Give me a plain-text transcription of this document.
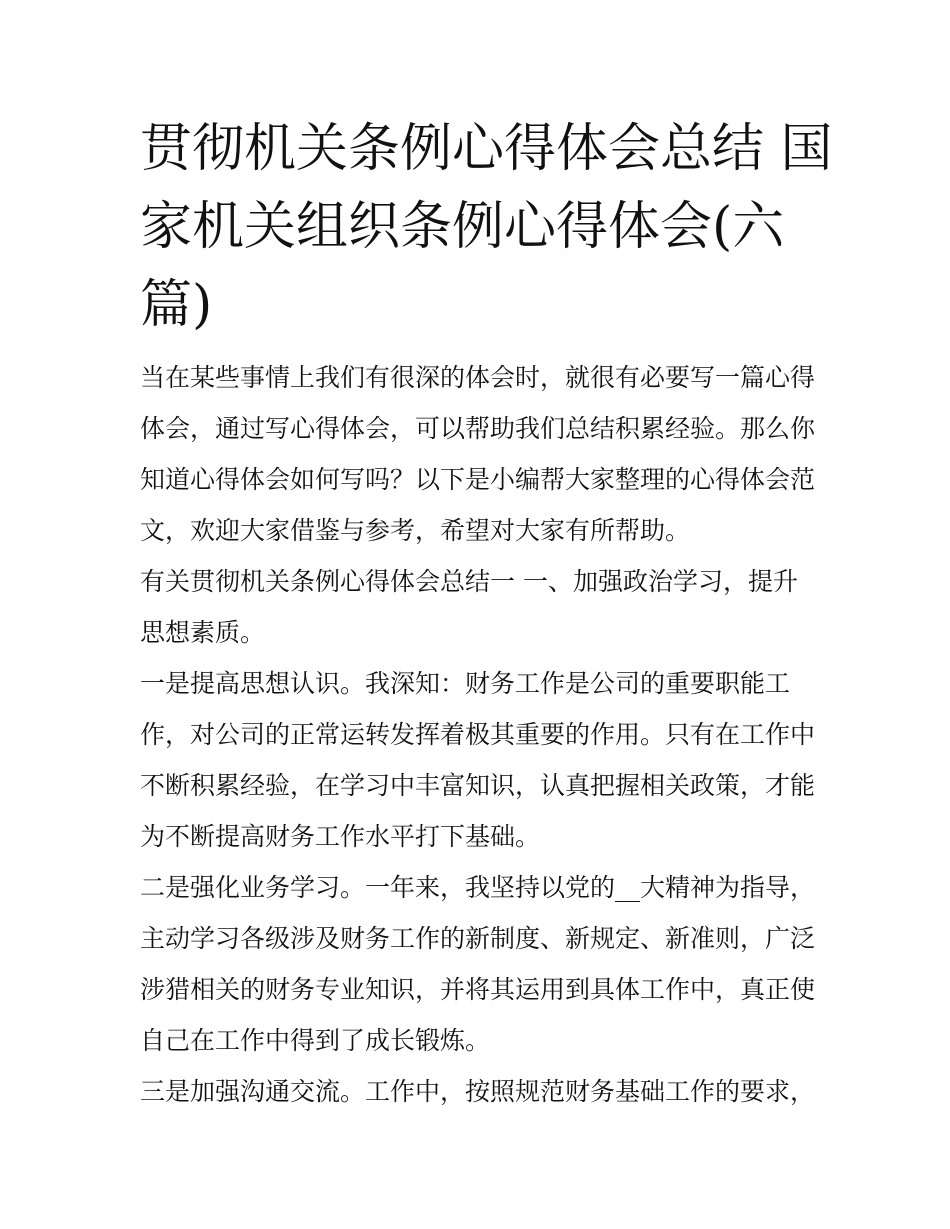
贯彻机关条例心得体会总结 国
家机关组织条例心得体会(六
篇)

当在某些事情上我们有很深的体会时，就很有必要写一篇心得
体会，通过写心得体会，可以帮助我们总结积累经验。那么你
知道心得体会如何写吗？以下是小编帮大家整理的心得体会范
文，欢迎大家借鉴与参考，希望对大家有所帮助。

有关贯彻机关条例心得体会总结一 一、加强政治学习，提升
思想素质。

一是提高思想认识。我深知：财务工作是公司的重要职能工
作，对公司的正常运转发挥着极其重要的作用。只有在工作中
不断积累经验，在学习中丰富知识，认真把握相关政策，才能
为不断提高财务工作水平打下基础。

二是强化业务学习。一年来，我坚持以党的__大精神为指导，
主动学习各级涉及财务工作的新制度、新规定、新准则，广泛
涉猎相关的财务专业知识，并将其运用到具体工作中，真正使
自己在工作中得到了成长锻炼。

三是加强沟通交流。工作中，按照规范财务基础工作的要求，
